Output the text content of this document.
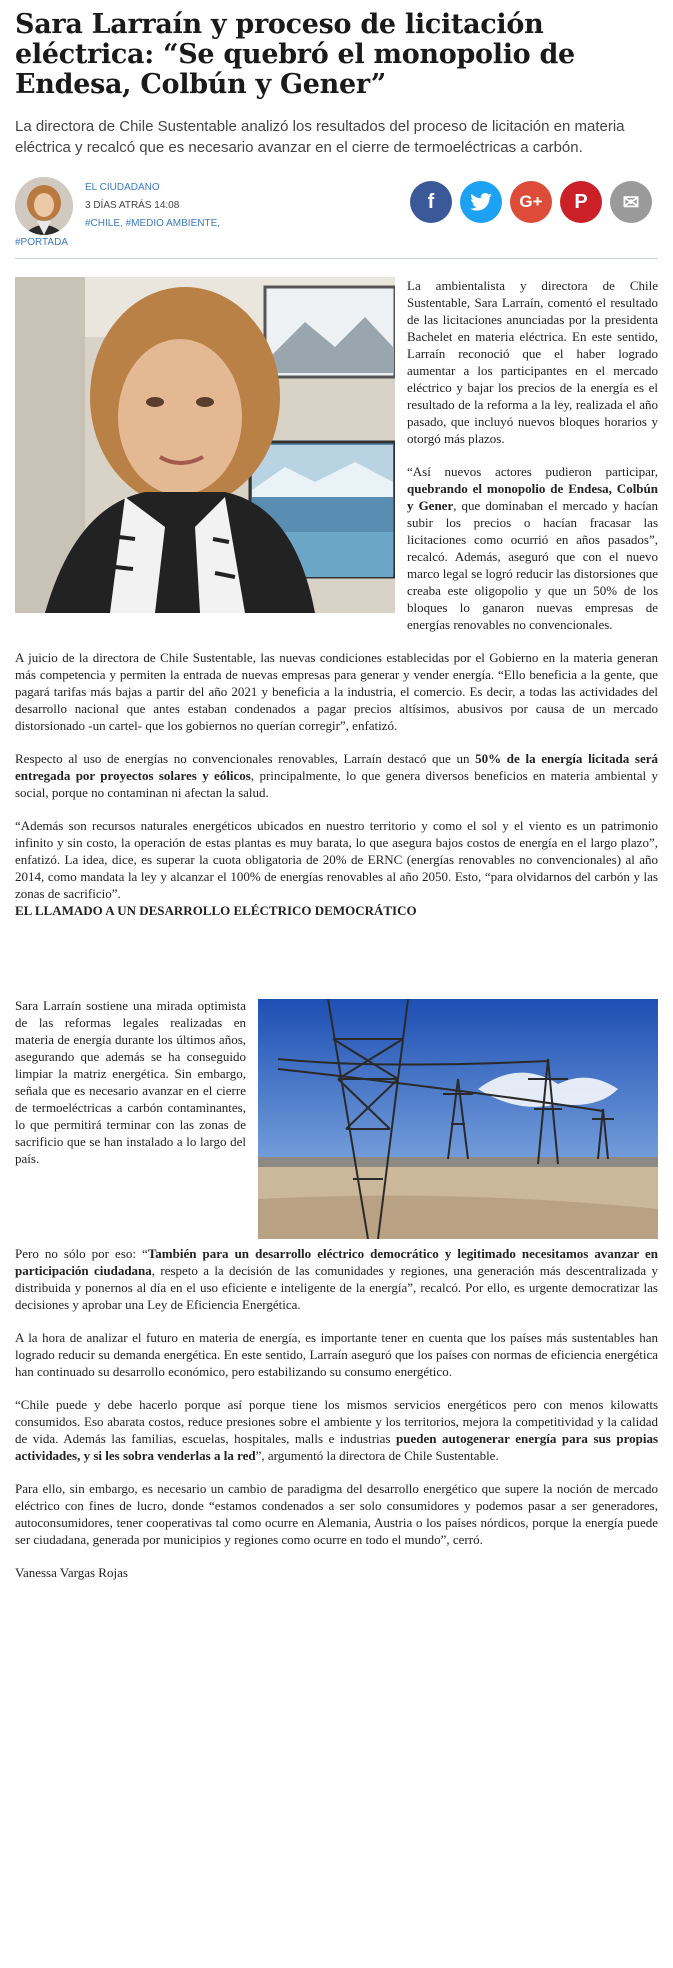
Sara Larraín y proceso de licitación eléctrica: “Se quebró el monopolio de Endesa, Colbún y Gener”

La directora de Chile Sustentable analizó los resultados del proceso de licitación en materia eléctrica y recalcó que es necesario avanzar en el cierre de termoeléctricas a carbón.

EL CIUDADANO
3 DÍAS ATRÁS 14:08
#CHILE, #MEDIO AMBIENTE,
#PORTADA
f	G+ P ✉

La ambientalista y directora de Chile Sustentable, Sara Larraín, comentó el resultado de las licitaciones anunciadas por la presidenta Bachelet en materia eléctrica. En este sentido, Larraín reconoció que el haber logrado aumentar a los participantes en el mercado eléctrico y bajar los precios de la energía es el resultado de la reforma a la ley, realizada el año pasado, que incluyó nuevos bloques horarios y otorgó más plazos.

“Así nuevos actores pudieron participar, quebrando el monopolio de Endesa, Colbún y Gener, que dominaban el mercado y hacían subir los precios o hacían fracasar las licitaciones como ocurrió en años pasados”, recalcó. Además, aseguró que con el nuevo marco legal se logró reducir las distorsiones que creaba este oligopolio y que un 50% de los bloques lo ganaron nuevas empresas de energías renovables no convencionales.

A juicio de la directora de Chile Sustentable, las nuevas condiciones establecidas por el Gobierno en la materia generan más competencia y permiten la entrada de nuevas empresas para generar y vender energía. “Ello beneficia a la gente, que pagará tarifas más bajas a partir del año 2021 y beneficia a la industria, el comercio. Es decir, a todas las actividades del desarrollo nacional que antes estaban condenados a pagar precios altísimos, abusivos por causa de un mercado distorsionado -un cartel- que los gobiernos no querían corregir”, enfatizó.

Respecto al uso de energías no convencionales renovables, Larraín destacó que un 50% de la energía licitada será entregada por proyectos solares y eólicos, principalmente, lo que genera diversos beneficios en materia ambiental y social, porque no contaminan ni afectan la salud.

“Además son recursos naturales energéticos ubicados en nuestro territorio y como el sol y el viento es un patrimonio infinito y sin costo, la operación de estas plantas es muy barata, lo que asegura bajos costos de energía en el largo plazo”, enfatizó. La idea, dice, es superar la cuota obligatoria de 20% de ERNC (energías renovables no convencionales) al año 2014, como mandata la ley y alcanzar el 100% de energías renovables al año 2050. Esto, “para olvidarnos del carbón y las zonas de sacrificio”.

EL LLAMADO A UN DESARROLLO ELÉCTRICO DEMOCRÁTICO

Sara Larraín sostiene una mirada optimista de las reformas legales realizadas en materia de energía durante los últimos años, asegurando que además se ha conseguido limpiar la matriz energética. Sin embargo, señala que es necesario avanzar en el cierre de termoeléctricas a carbón contaminantes, lo que permitirá terminar con las zonas de sacrificio que se han instalado a lo largo del país.

Pero no sólo por eso: “También para un desarrollo eléctrico democrático y legitimado necesitamos avanzar en participación ciudadana, respeto a la decisión de las comunidades y regiones, una generación más descentralizada y distribuida y ponernos al día en el uso eficiente e inteligente de la energía”, recalcó. Por ello, es urgente democratizar las decisiones y aprobar una Ley de Eficiencia Energética.

A la hora de analizar el futuro en materia de energía, es importante tener en cuenta que los países más sustentables han logrado reducir su demanda energética. En este sentido, Larraín aseguró que los países con normas de eficiencia energética han continuado su desarrollo económico, pero estabilizando su consumo energético.

“Chile puede y debe hacerlo porque así porque tiene los mismos servicios energéticos pero con menos kilowatts consumidos. Eso abarata costos, reduce presiones sobre el ambiente y los territorios, mejora la competitividad y la calidad de vida. Además las familias, escuelas, hospitales, malls e industrias pueden autogenerar energía para sus propias actividades, y si les sobra venderlas a la red”, argumentó la directora de Chile Sustentable.

Para ello, sin embargo, es necesario un cambio de paradigma del desarrollo energético que supere la noción de mercado eléctrico con fines de lucro, donde “estamos condenados a ser solo consumidores y podemos pasar a ser generadores, autoconsumidores, tener cooperativas tal como ocurre en Alemania, Austria o los países nórdicos, porque la energía puede ser ciudadana, generada por municipios y regiones como ocurre en todo el mundo”, cerró.

Vanessa Vargas Rojas
